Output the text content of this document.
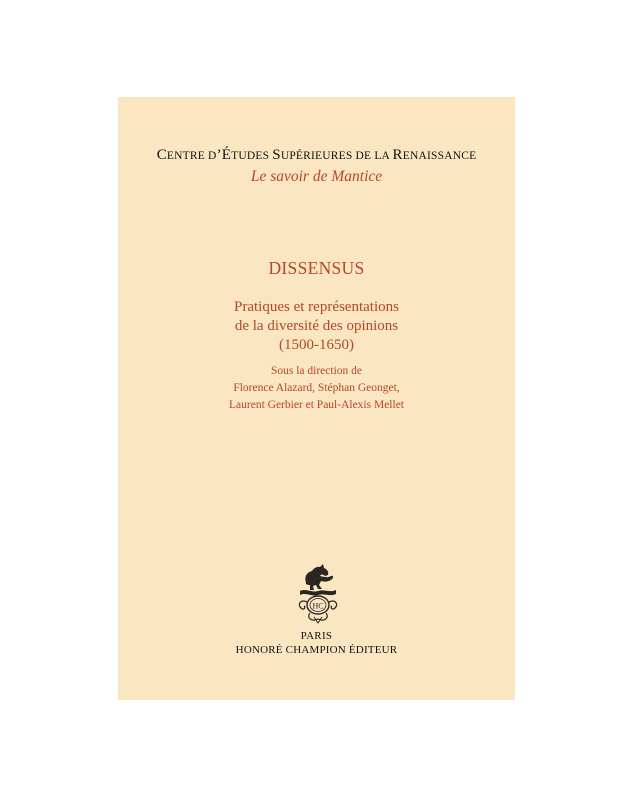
CENTRE D’ÉTUDES SUPÉRIEURES DE LA RENAISSANCE
Le savoir de Mantice
DISSENSUS
Pratiques et représentations
de la diversité des opinions
(1500-1650)
Sous la direction de
Florence Alazard, Stéphan Geonget,
Laurent Gerbier et Paul-Alexis Mellet
HC
PARIS
HONORÉ CHAMPION ÉDITEUR
